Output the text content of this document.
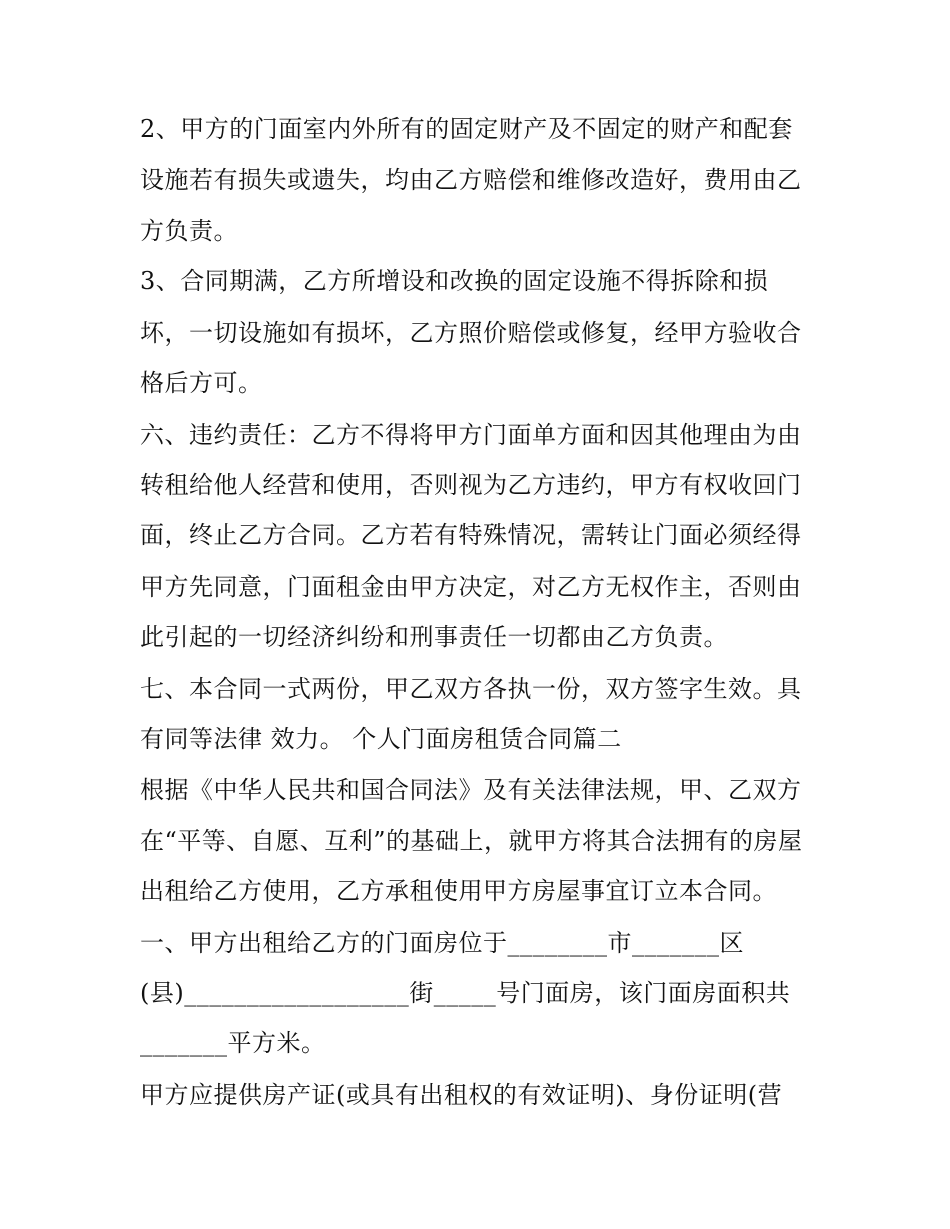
2、甲方的门面室内外所有的固定财产及不固定的财产和配套
设施若有损失或遗失，均由乙方赔偿和维修改造好，费用由乙
方负责。
3、合同期满，乙方所增设和改换的固定设施不得拆除和损
坏，一切设施如有损坏，乙方照价赔偿或修复，经甲方验收合
格后方可。
六、违约责任：乙方不得将甲方门面单方面和因其他理由为由
转租给他人经营和使用，否则视为乙方违约，甲方有权收回门
面，终止乙方合同。乙方若有特殊情况，需转让门面必须经得
甲方先同意，门面租金由甲方决定，对乙方无权作主，否则由
此引起的一切经济纠纷和刑事责任一切都由乙方负责。
七、本合同一式两份，甲乙双方各执一份，双方签字生效。具
有同等法律 效力。 个人门面房租赁合同篇二
根据《中华人民共和国合同法》及有关法律法规，甲、乙双方
在“平等、自愿、互利”的基础上，就甲方将其合法拥有的房屋
出租给乙方使用，乙方承租使用甲方房屋事宜订立本合同。
一、甲方出租给乙方的门面房位于________市_______区
(县)__________________街_____号门面房，该门面房面积共
_______平方米。
甲方应提供房产证(或具有出租权的有效证明)、身份证明(营
